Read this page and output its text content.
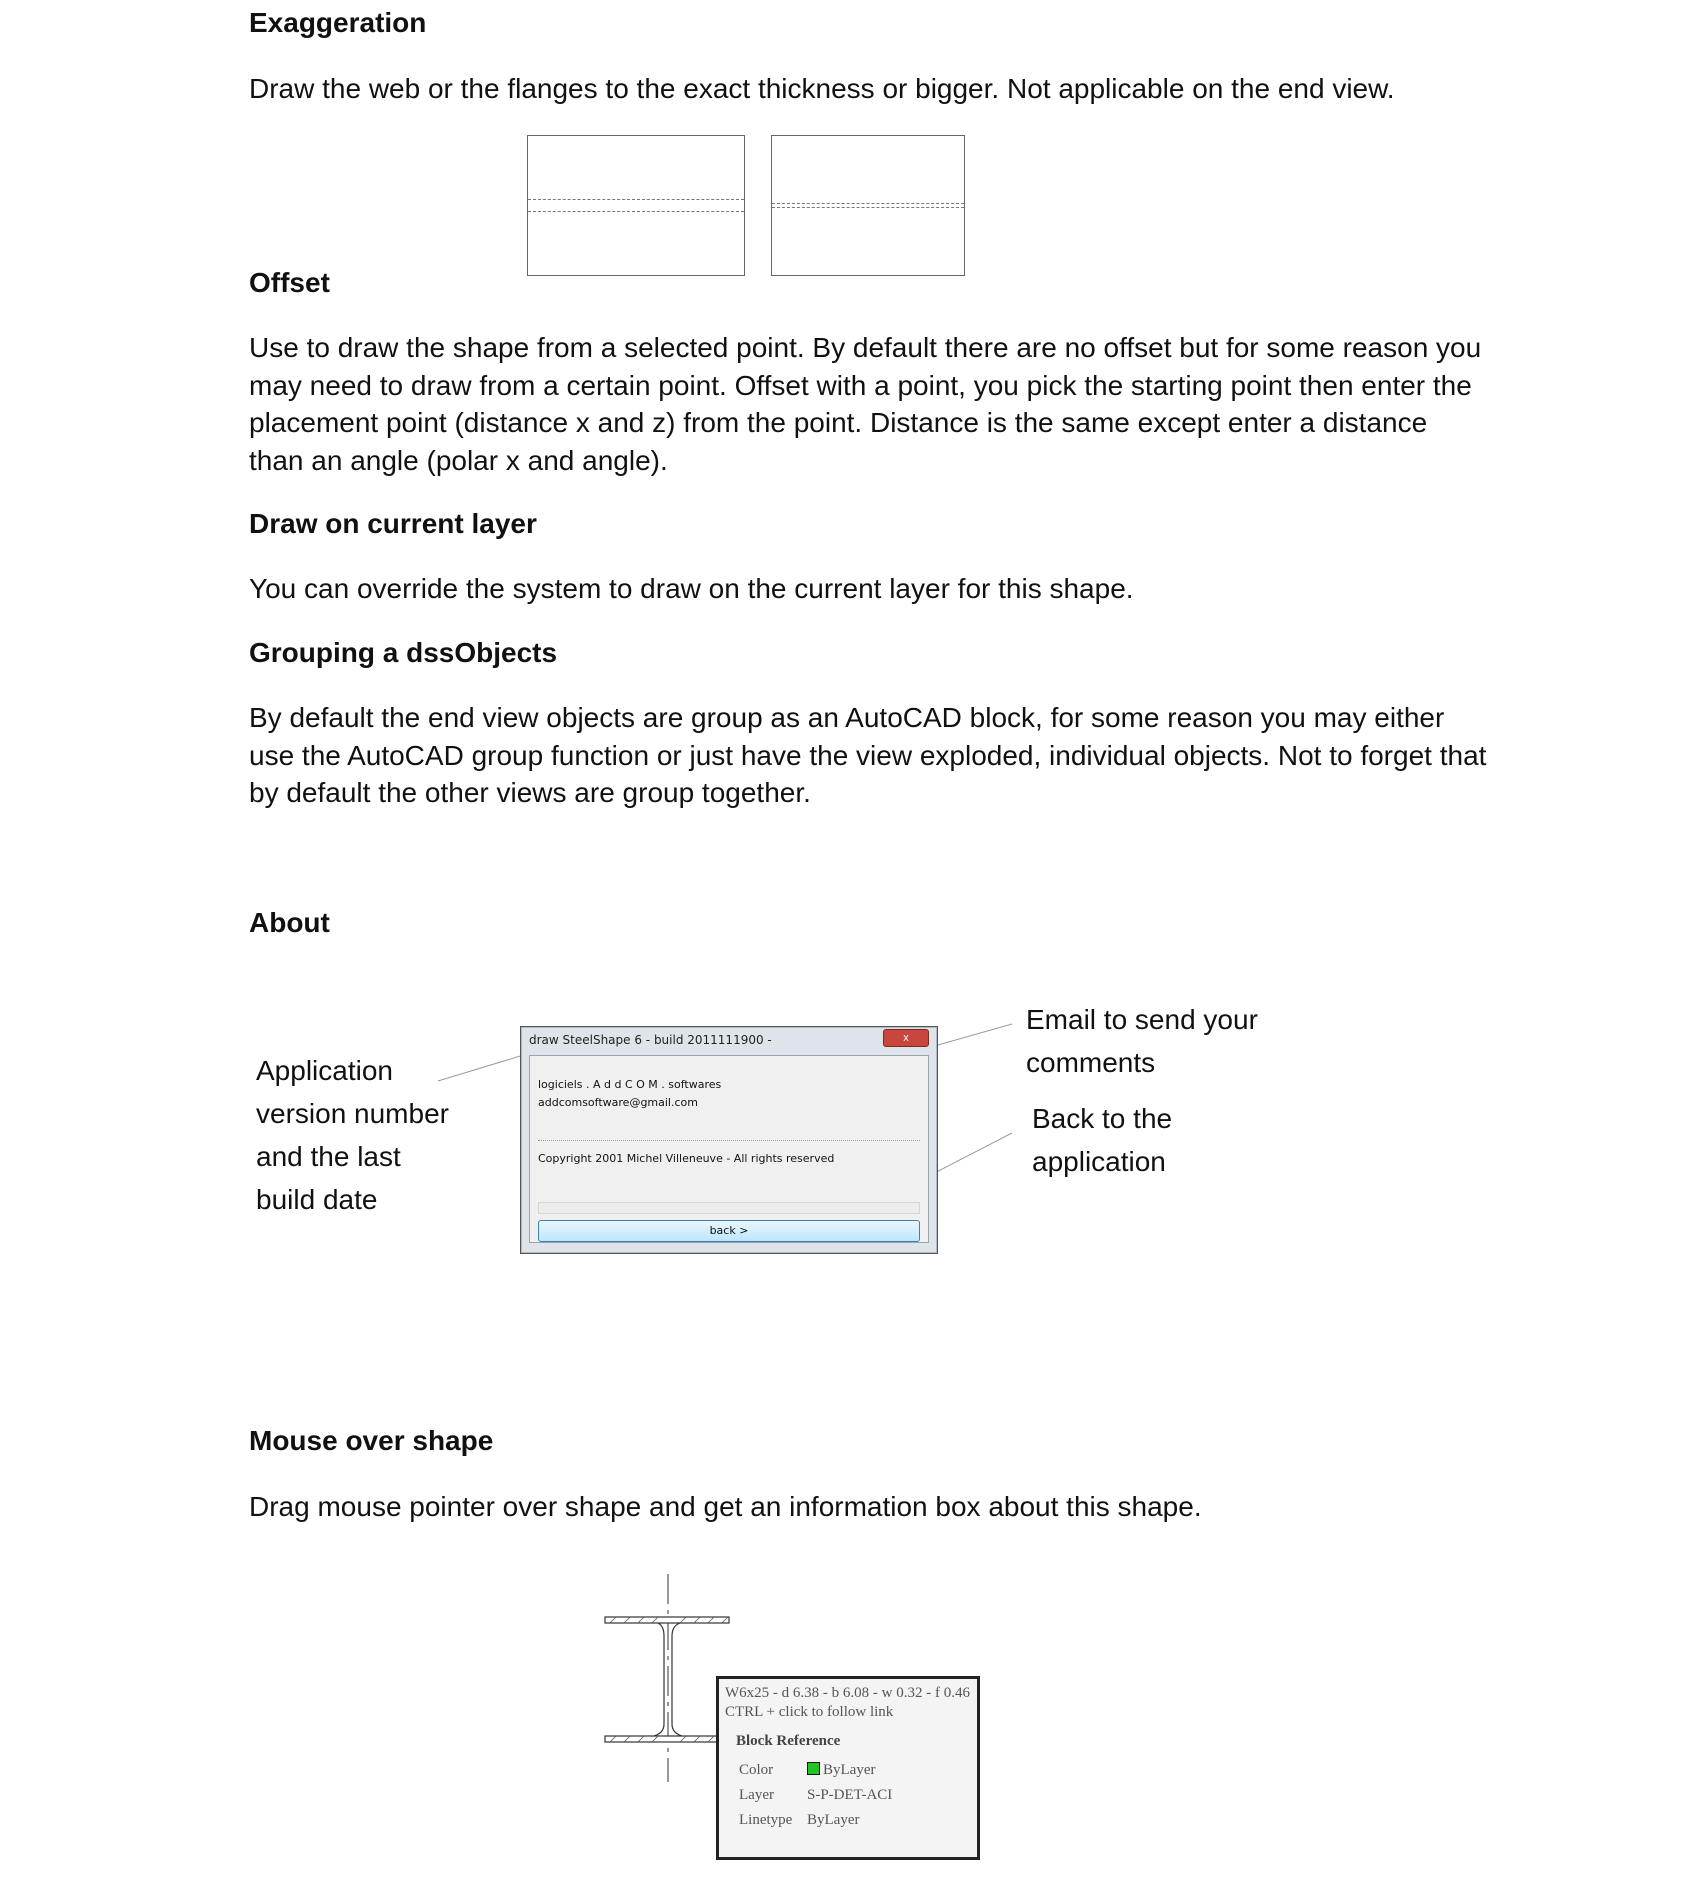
Exaggeration
Draw the web or the flanges to the exact thickness or bigger. Not applicable on the end view.
Offset
Use to draw the shape from a selected point. By default there are no offset but for some reason you may need to draw from a certain point. Offset with a point, you pick the starting point then enter the placement point (distance x and z) from the point. Distance is the same except enter a distance than an angle (polar x and angle).
Draw on current layer
You can override the system to draw on the current layer for this shape.
Grouping a dssObjects
By default the end view objects are group as an AutoCAD block, for some reason you may either use the AutoCAD group function or just have the view exploded, individual objects. Not to forget that by default the other views are group together.
About
Application version number and the last build date
Email to send your comments
Back to the application
draw SteelShape 6 - build 2011111900 -	x
logiciels . A d d C O M . softwares
addcomsoftware@gmail.com
Copyright 2001 Michel Villeneuve - All rights reserved
back >
Mouse over shape
Drag mouse pointer over shape and get an information box about this shape.
W6x25 - d 6.38 - b 6.08 - w 0.32 - f 0.46
CTRL + click to follow link
Block Reference
Color	ByLayer
Layer S-P-DET-ACI
Linetype ByLayer
